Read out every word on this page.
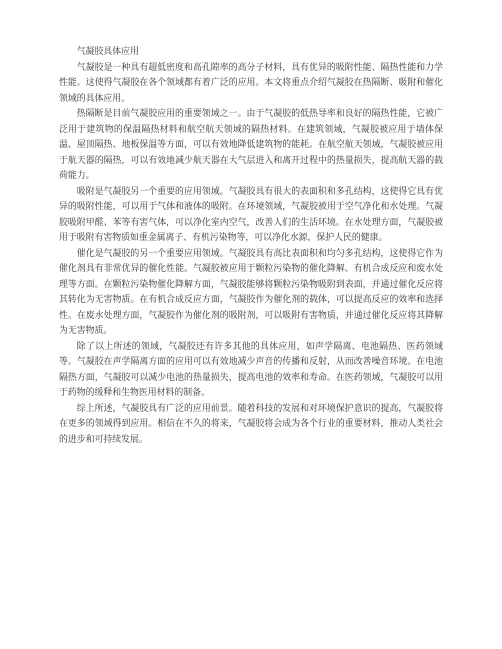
气凝胶具体应用

气凝胶是一种具有超低密度和高孔隙率的高分子材料，具有优异的吸附性能、隔热性能和力学性能。这使得气凝胶在各个领域都有着广泛的应用。本文将重点介绍气凝胶在热隔断、吸附和催化领域的具体应用。

热隔断是目前气凝胶应用的重要领域之一。由于气凝胶的低热导率和良好的隔热性能，它被广泛用于建筑物的保温隔热材料和航空航天领域的隔热材料。在建筑领域，气凝胶被应用于墙体保温、屋顶隔热、地板保温等方面，可以有效地降低建筑物的能耗。在航空航天领域，气凝胶被应用于航天器的隔热，可以有效地减少航天器在大气层进入和离开过程中的热量损失，提高航天器的载荷能力。

吸附是气凝胶另一个重要的应用领域。气凝胶具有很大的表面积和多孔结构，这使得它具有优异的吸附性能，可以用于气体和液体的吸附。在环境领域，气凝胶被用于空气净化和水处理。气凝胶吸附甲醛、苯等有害气体，可以净化室内空气，改善人们的生活环境。在水处理方面，气凝胶被用于吸附有害物质如重金属离子、有机污染物等，可以净化水源，保护人民的健康。

催化是气凝胶的另一个重要应用领域。气凝胶具有高比表面积和均匀多孔结构，这使得它作为催化剂具有非常优异的催化性能。气凝胶被应用于颗粒污染物的催化降解、有机合成反应和废水处理等方面。在颗粒污染物催化降解方面，气凝胶能够将颗粒污染物吸附到表面，并通过催化反应将其转化为无害物质。在有机合成反应方面，气凝胶作为催化剂的载体，可以提高反应的效率和选择性。在废水处理方面，气凝胶作为催化剂的吸附剂，可以吸附有害物质，并通过催化反应将其降解为无害物质。

除了以上所述的领域，气凝胶还有许多其他的具体应用，如声学隔离、电池隔热、医药领域等。气凝胶在声学隔离方面的应用可以有效地减少声音的传播和反射，从而改善噪音环境。在电池隔热方面，气凝胶可以减少电池的热量损失，提高电池的效率和寿命。在医药领域，气凝胶可以用于药物的缓释和生物医用材料的制备。

综上所述，气凝胶具有广泛的应用前景。随着科技的发展和对环境保护意识的提高，气凝胶将在更多的领域得到应用。相信在不久的将来，气凝胶将会成为各个行业的重要材料，推动人类社会的进步和可持续发展。
